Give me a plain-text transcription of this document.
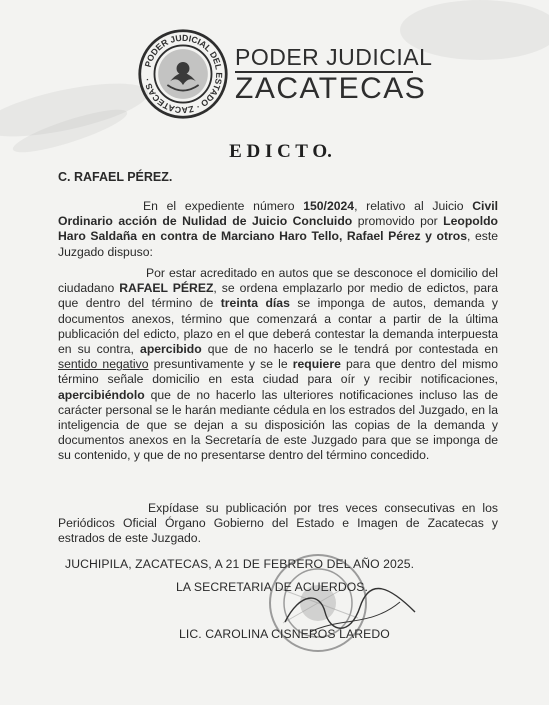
PODER JUDICIAL DEL ESTADO · ZACATECAS ·
PODER JUDICIAL
ZACATECAS
E D I C T O.
C. RAFAEL PÉREZ.
En el expediente número 150/2024, relativo al Juicio Civil Ordinario acción de Nulidad de Juicio Concluido promovido por Leopoldo Haro Saldaña en contra de Marciano Haro Tello, Rafael Pérez y otros, este Juzgado dispuso:
Por estar acreditado en autos que se desconoce el domicilio del ciudadano RAFAEL PÉREZ, se ordena emplazarlo por medio de edictos, para que dentro del término de treinta días se imponga de autos, demanda y documentos anexos, término que comenzará a contar a partir de la última publicación del edicto, plazo en el que deberá contestar la demanda interpuesta en su contra, apercibido que de no hacerlo se le tendrá por contestada en sentido negativo presuntivamente y se le requiere para que dentro del mismo término señale domicilio en esta ciudad para oír y recibir notificaciones, apercibiéndolo que de no hacerlo las ulteriores notificaciones incluso las de carácter personal se le harán mediante cédula en los estrados del Juzgado, en la inteligencia de que se dejan a su disposición las copias de la demanda y documentos anexos en la Secretaría de este Juzgado para que se imponga de su contenido, y que de no presentarse dentro del término concedido.
Expídase su publicación por tres veces consecutivas en los Periódicos Oficial Órgano Gobierno del Estado e Imagen de Zacatecas y estrados de este Juzgado.
JUCHIPILA, ZACATECAS, A 21 DE FEBRERO DEL AÑO 2025.
LA SECRETARIA DE ACUERDOS.
LIC. CAROLINA CISNEROS LAREDO
